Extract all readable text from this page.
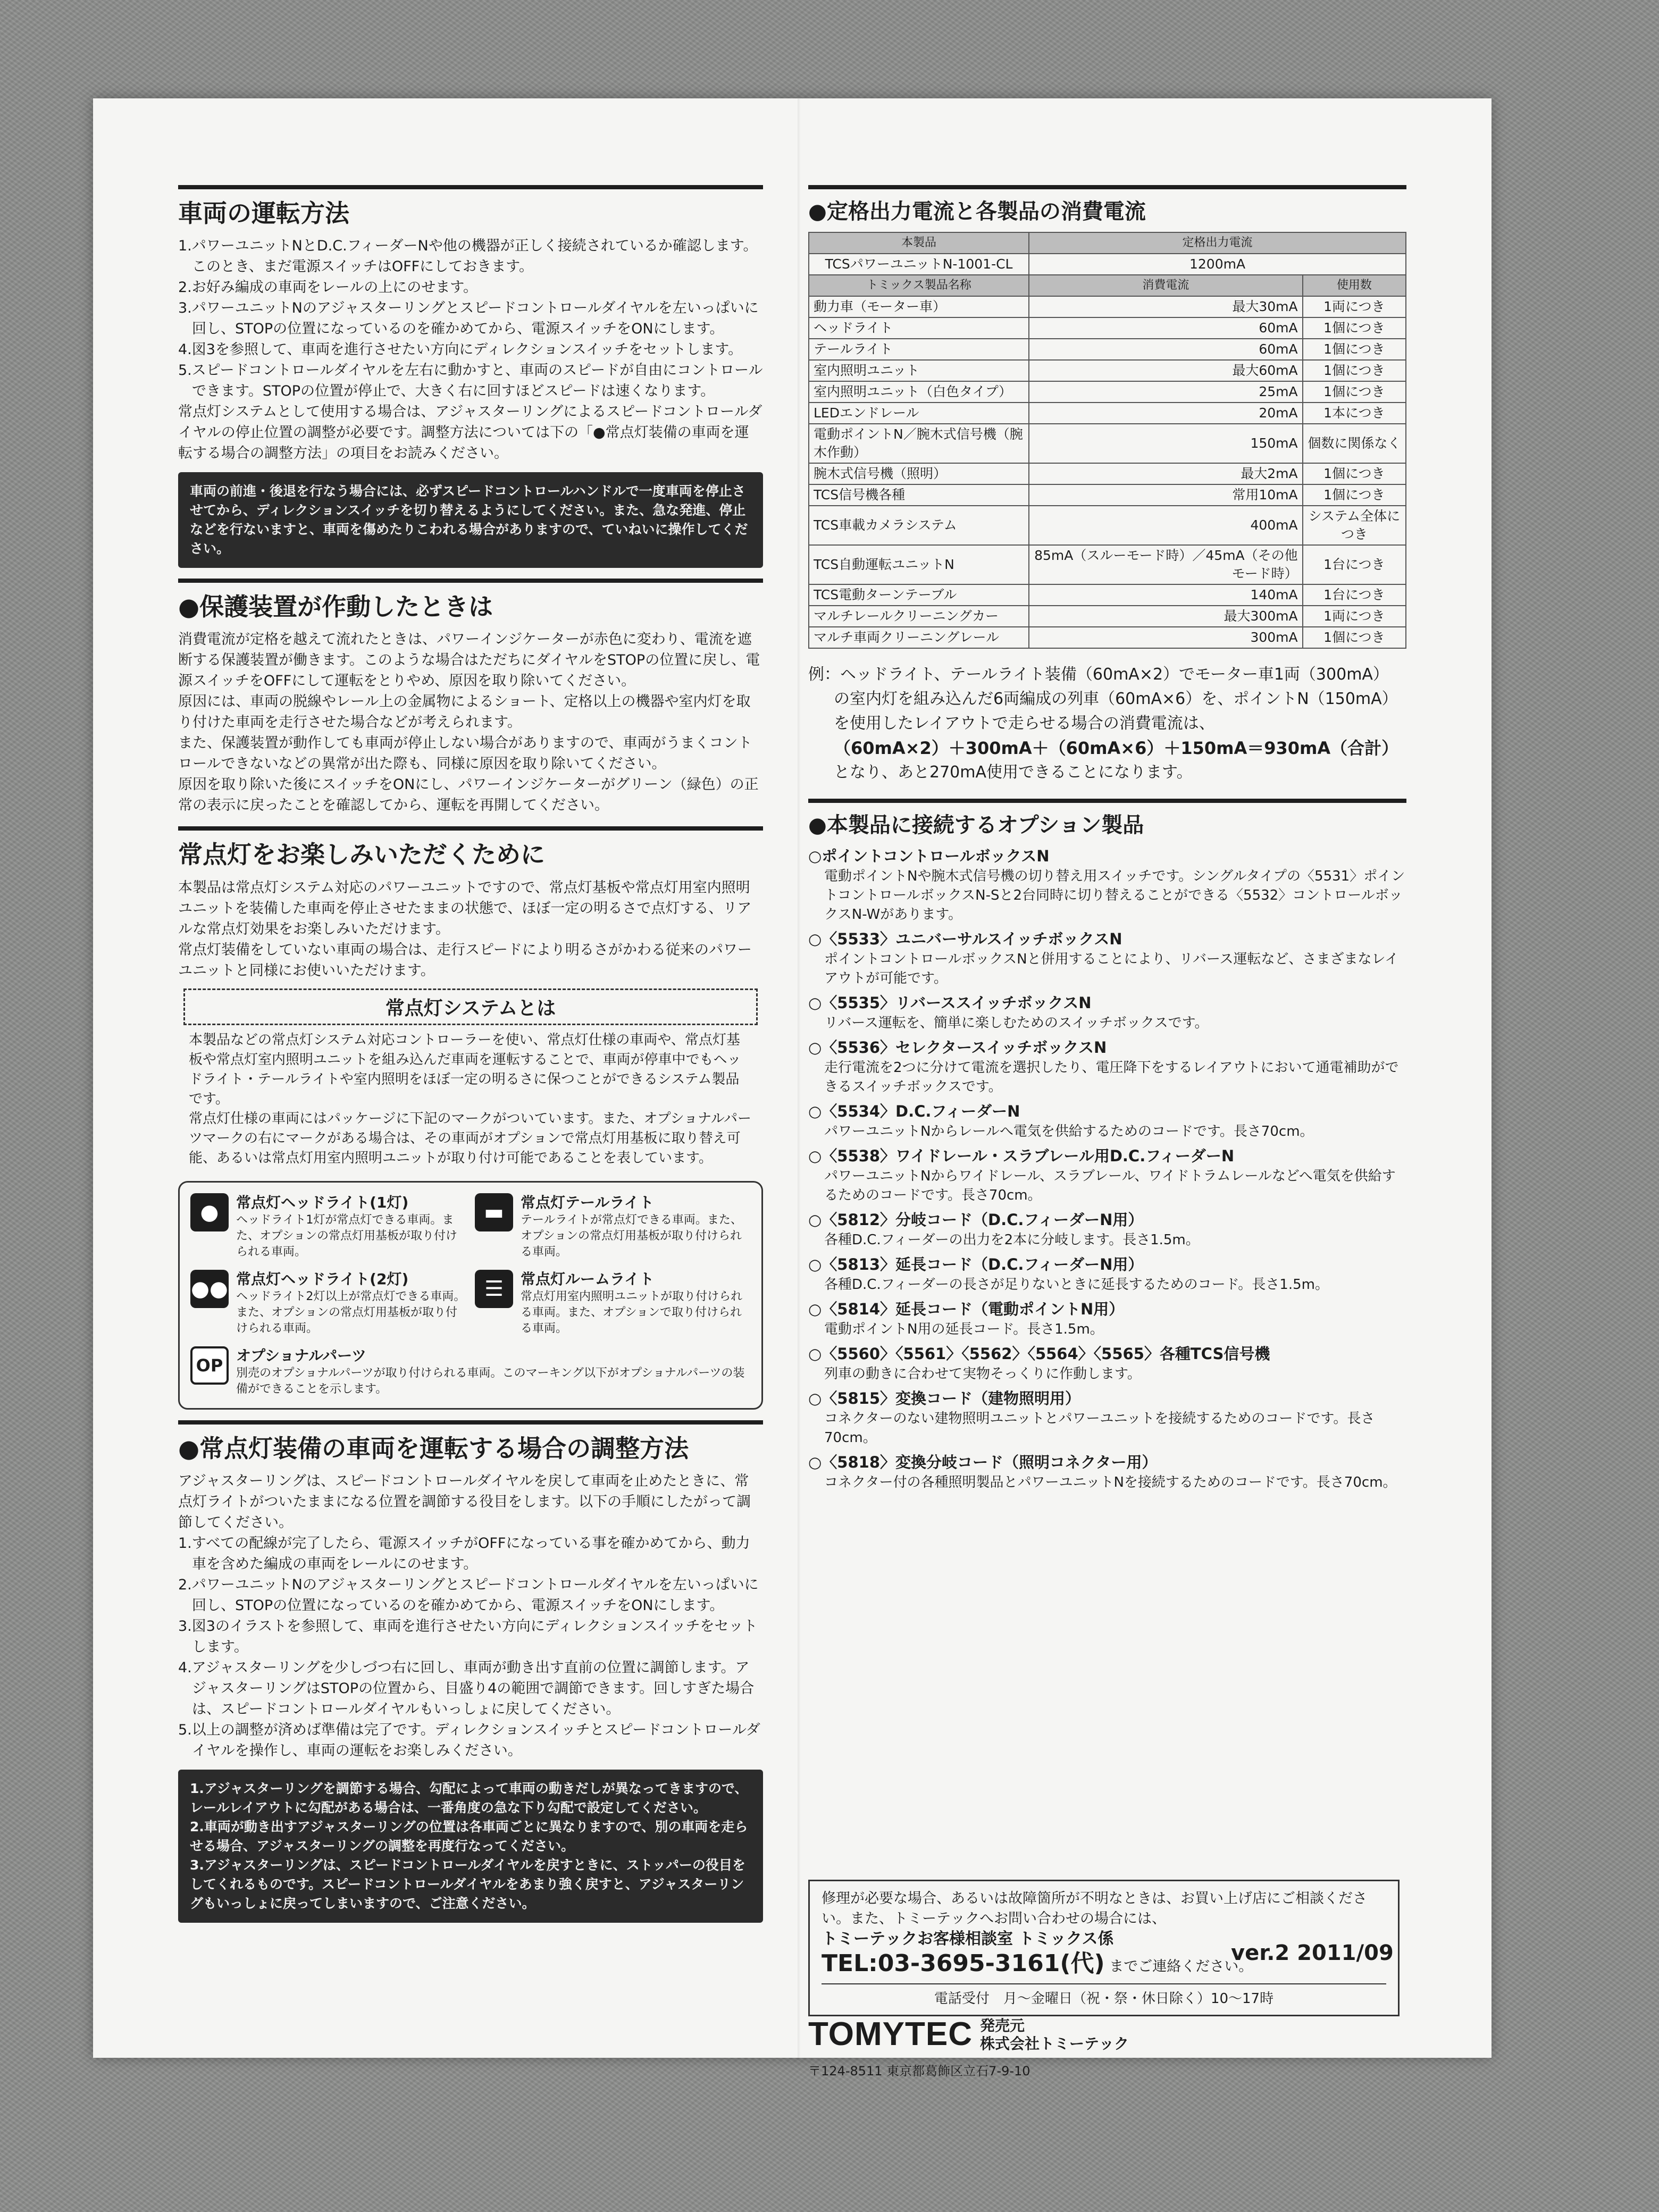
車両の運転方法
1.パワーユニットNとD.C.フィーダーNや他の機器が正しく接続されているか確認します。このとき、まだ電源スイッチはOFFにしておきます。
2.お好み編成の車両をレールの上にのせます。
3.パワーユニットNのアジャスターリングとスピードコントロールダイヤルを左いっぱいに回し、STOPの位置になっているのを確かめてから、電源スイッチをONにします。
4.図3を参照して、車両を進行させたい方向にディレクションスイッチをセットします。
5.スピードコントロールダイヤルを左右に動かすと、車両のスピードが自由にコントロールできます。STOPの位置が停止で、大きく右に回すほどスピードは速くなります。

常点灯システムとして使用する場合は、アジャスターリングによるスピードコントロールダイヤルの停止位置の調整が必要です。調整方法については下の「●常点灯装備の車両を運転する場合の調整方法」の項目をお読みください。

車両の前進・後退を行なう場合には、必ずスピードコントロールハンドルで一度車両を停止させてから、ディレクションスイッチを切り替えるようにしてください。また、急な発進、停止などを行ないますと、車両を傷めたりこわれる場合がありますので、ていねいに操作してください。

●保護装置が作動したときは

消費電流が定格を越えて流れたときは、パワーインジケーターが赤色に変わり、電流を遮断する保護装置が働きます。このような場合はただちにダイヤルをSTOPの位置に戻し、電源スイッチをOFFにして運転をとりやめ、原因を取り除いてください。

原因には、車両の脱線やレール上の金属物によるショート、定格以上の機器や室内灯を取り付けた車両を走行させた場合などが考えられます。

また、保護装置が動作しても車両が停止しない場合がありますので、車両がうまくコントロールできないなどの異常が出た際も、同様に原因を取り除いてください。

原因を取り除いた後にスイッチをONにし、パワーインジケーターがグリーン（緑色）の正常の表示に戻ったことを確認してから、運転を再開してください。

常点灯をお楽しみいただくために

本製品は常点灯システム対応のパワーユニットですので、常点灯基板や常点灯用室内照明ユニットを装備した車両を停止させたままの状態で、ほぼ一定の明るさで点灯する、リアルな常点灯効果をお楽しみいただけます。

常点灯装備をしていない車両の場合は、走行スピードにより明るさがかわる従来のパワーユニットと同様にお使いいただけます。

常点灯システムとは

本製品などの常点灯システム対応コントローラーを使い、常点灯仕様の車両や、常点灯基板や常点灯室内照明ユニットを組み込んだ車両を運転することで、車両が停車中でもヘッドライト・テールライトや室内照明をほぼ一定の明るさに保つことができるシステム製品です。

常点灯仕様の車両にはパッケージに下記のマークがついています。また、オプショナルパーツマークの右にマークがある場合は、その車両がオプションで常点灯用基板に取り替え可能、あるいは常点灯用室内照明ユニットが取り付け可能であることを表しています。

●	常点灯ヘッドライト(1灯)
ヘッドライト1灯が常点灯できる車両。また、オプションの常点灯用基板が取り付けられる車両。
▬	常点灯テールライト
テールライトが常点灯できる車両。また、オプションの常点灯用基板が取り付けられる車両。
●● 常点灯ヘッドライト(2灯)
ヘッドライト2灯以上が常点灯できる車両。また、オプションの常点灯用基板が取り付けられる車両。
☰	常点灯ルームライト
常点灯用室内照明ユニットが取り付けられる車両。また、オプションで取り付けられる車両。
OP オプショナルパーツ
別売のオプショナルパーツが取り付けられる車両。このマーキング以下がオプショナルパーツの装備ができることを示します。
●常点灯装備の車両を運転する場合の調整方法

アジャスターリングは、スピードコントロールダイヤルを戻して車両を止めたときに、常点灯ライトがついたままになる位置を調節する役目をします。以下の手順にしたがって調節してください。

1.すべての配線が完了したら、電源スイッチがOFFになっている事を確かめてから、動力車を含めた編成の車両をレールにのせます。
2.パワーユニットNのアジャスターリングとスピードコントロールダイヤルを左いっぱいに回し、STOPの位置になっているのを確かめてから、電源スイッチをONにします。
3.図3のイラストを参照して、車両を進行させたい方向にディレクションスイッチをセットします。
4.アジャスターリングを少しづつ右に回し、車両が動き出す直前の位置に調節します。アジャスターリングはSTOPの位置から、目盛り4の範囲で調節できます。回しすぎた場合は、スピードコントロールダイヤルもいっしょに戻してください。
5.以上の調整が済めば準備は完了です。ディレクションスイッチとスピードコントロールダイヤルを操作し、車両の運転をお楽しみください。
1.アジャスターリングを調節する場合、勾配によって車両の動きだしが異なってきますので、レールレイアウトに勾配がある場合は、一番角度の急な下り勾配で設定してください。
2.車両が動き出すアジャスターリングの位置は各車両ごとに異なりますので、別の車両を走らせる場合、アジャスターリングの調整を再度行なってください。
3.アジャスターリングは、スピードコントロールダイヤルを戻すときに、ストッパーの役目をしてくれるものです。スピードコントロールダイヤルをあまり強く戻すと、アジャスターリングもいっしょに戻ってしまいますので、ご注意ください。
●定格出力電流と各製品の消費電流
本製品	定格出力電流	
TCSパワーユニットN-1001-CL	1200mA	
トミックス製品名称	消費電流	使用数
動力車（モーター車）	最大30mA	1両につき
ヘッドライト	60mA	1個につき
テールライト	60mA	1個につき
室内照明ユニット	最大60mA	1個につき
室内照明ユニット（白色タイプ）	25mA	1個につき
LEDエンドレール	20mA	1本につき
電動ポイントN／腕木式信号機（腕木作動）	150mA	個数に関係なく
腕木式信号機（照明）	最大2mA	1個につき
TCS信号機各種	常用10mA	1個につき
TCS車載カメラシステム	400mA	システム全体につき
TCS自動運転ユニットN	85mA（スルーモード時）／45mA（その他モード時）	1台につき
TCS電動ターンテーブル	140mA	1台につき
マルチレールクリーニングカー	最大300mA	1両につき
マルチ車両クリーニングレール	300mA	1個につき

例：ヘッドライト、テールライト装備（60mA×2）でモーター車1両（300mA）

の室内灯を組み込んだ6両編成の列車（60mA×6）を、ポイントN（150mA）

を使用したレイアウトで走らせる場合の消費電流は、

（60mA×2）＋300mA＋（60mA×6）＋150mA＝930mA（合計）

となり、あと270mA使用できることになります。

●本製品に接続するオプション製品
○ポイントコントロールボックスN
電動ポイントNや腕木式信号機の切り替え用スイッチです。シングルタイプの〈5531〉ポイントコントロールボックスN-Sと2台同時に切り替えることができる〈5532〉コントロールボックスN-Wがあります。
○〈5533〉ユニバーサルスイッチボックスN
ポイントコントロールボックスNと併用することにより、リバース運転など、さまざまなレイアウトが可能です。
○〈5535〉リバーススイッチボックスN
リバース運転を、簡単に楽しむためのスイッチボックスです。
○〈5536〉セレクタースイッチボックスN
走行電流を2つに分けて電流を選択したり、電圧降下をするレイアウトにおいて通電補助ができるスイッチボックスです。
○〈5534〉D.C.フィーダーN
パワーユニットNからレールへ電気を供給するためのコードです。長さ70cm。
○〈5538〉ワイドレール・スラブレール用D.C.フィーダーN
パワーユニットNからワイドレール、スラブレール、ワイドトラムレールなどへ電気を供給するためのコードです。長さ70cm。
○〈5812〉分岐コード（D.C.フィーダーN用）
各種D.C.フィーダーの出力を2本に分岐します。長さ1.5m。
○〈5813〉延長コード（D.C.フィーダーN用）
各種D.C.フィーダーの長さが足りないときに延長するためのコード。長さ1.5m。
○〈5814〉延長コード（電動ポイントN用）
電動ポイントN用の延長コード。長さ1.5m。
○〈5560〉〈5561〉〈5562〉〈5564〉〈5565〉各種TCS信号機
列車の動きに合わせて実物そっくりに作動します。
○〈5815〉変換コード（建物照明用）
コネクターのない建物照明ユニットとパワーユニットを接続するためのコードです。長さ70cm。
○〈5818〉変換分岐コード（照明コネクター用）
コネクター付の各種照明製品とパワーユニットNを接続するためのコードです。長さ70cm。

修理が必要な場合、あるいは故障箇所が不明なときは、お買い上げ店にご相談ください。また、トミーテックへお問い合わせの場合には、

トミーテックお客様相談室 トミックス係

TEL:03-3695-3161(代) までご連絡ください。

電話受付　月〜金曜日（祝・祭・休日除く）10〜17時
TOMYTEC 発売元
株式会社トミーテック
〒124-8511 東京都葛飾区立石7-9-10
ver.2 2011/09
